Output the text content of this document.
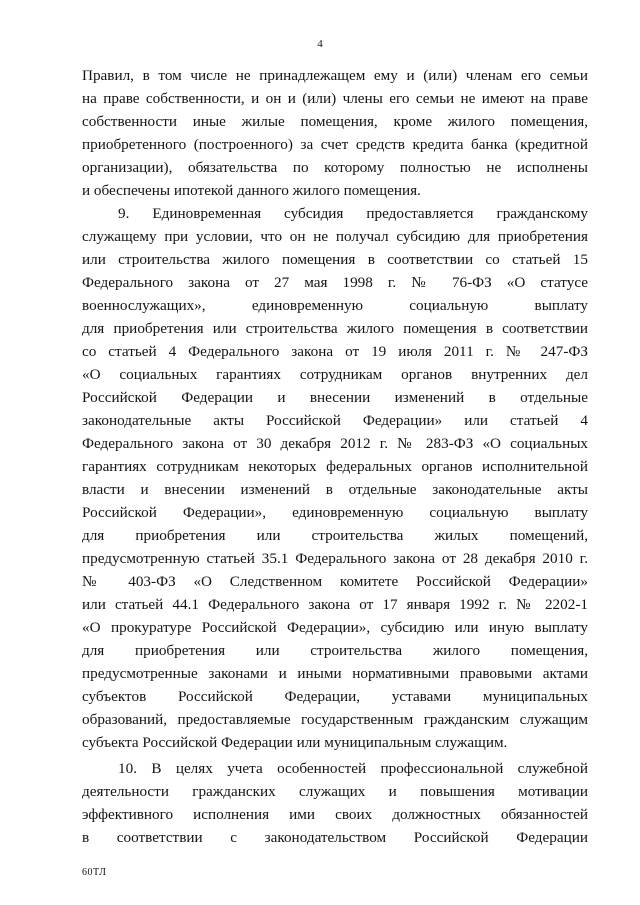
4
Правил, в том числе не принадлежащем ему и (или) членам его семьи
на праве собственности, и он и (или) члены его семьи не имеют на праве
собственности иные жилые помещения, кроме жилого помещения,
приобретенного (построенного) за счет средств кредита банка (кредитной
организации), обязательства по которому полностью не исполнены
и обеспечены ипотекой данного жилого помещения.
9. Единовременная субсидия предоставляется гражданскому
служащему при условии, что он не получал субсидию для приобретения
или строительства жилого помещения в соответствии со статьей 15
Федерального закона от 27 мая 1998 г. № 76-ФЗ «О статусе
военнослужащих», единовременную социальную выплату
для приобретения или строительства жилого помещения в соответствии
со статьей 4 Федерального закона от 19 июля 2011 г. № 247-ФЗ
«О социальных гарантиях сотрудникам органов внутренних дел
Российской Федерации и внесении изменений в отдельные
законодательные акты Российской Федерации» или статьей 4
Федерального закона от 30 декабря 2012 г. № 283-ФЗ «О социальных
гарантиях сотрудникам некоторых федеральных органов исполнительной
власти и внесении изменений в отдельные законодательные акты
Российской Федерации», единовременную социальную выплату
для приобретения или строительства жилых помещений,
предусмотренную статьей 35.1 Федерального закона от 28 декабря 2010 г.
№ 403-ФЗ «О Следственном комитете Российской Федерации»
или статьей 44.1 Федерального закона от 17 января 1992 г. № 2202-1
«О прокуратуре Российской Федерации», субсидию или иную выплату
для приобретения или строительства жилого помещения,
предусмотренные законами и иными нормативными правовыми актами
субъектов Российской Федерации, уставами муниципальных
образований, предоставляемые государственным гражданским служащим
субъекта Российской Федерации или муниципальным служащим.
10. В целях учета особенностей профессиональной служебной
деятельности гражданских служащих и повышения мотивации
эффективного исполнения ими своих должностных обязанностей
в соответствии с законодательством Российской Федерации
60ТЛ
